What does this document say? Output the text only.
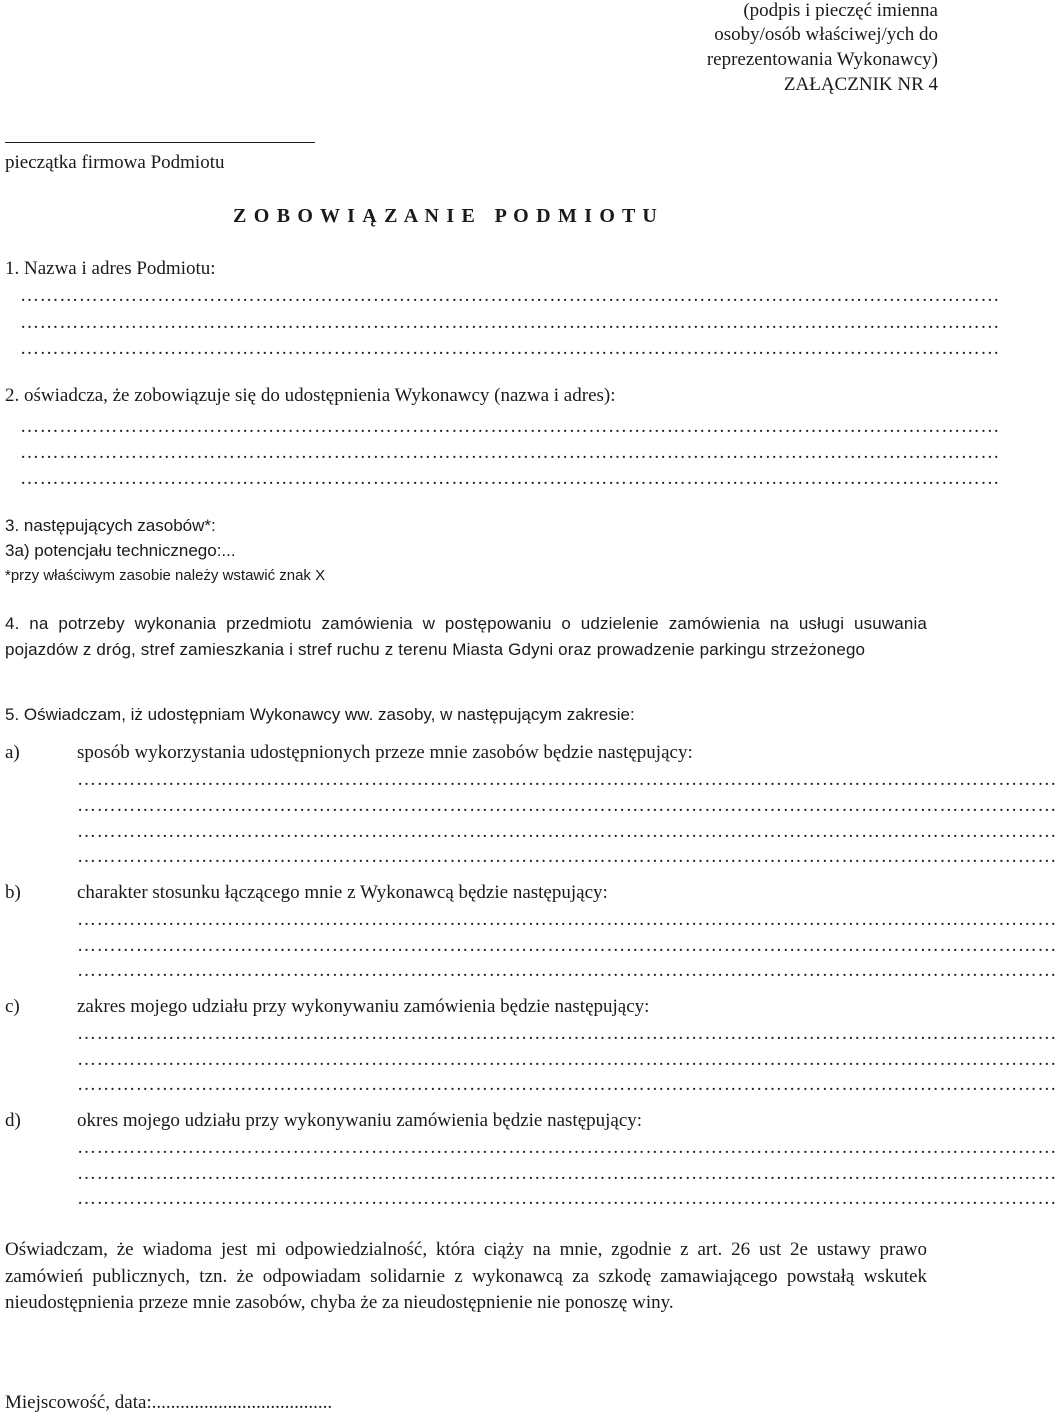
(podpis i pieczęć imienna
osoby/osób właściwej/ych do
reprezentowania Wykonawcy)
ZAŁĄCZNIK NR 4
pieczątka firmowa Podmiotu
Z O B O W I Ą Z A N I E   P O D M I O T U
1. Nazwa i adres Podmiotu:
……………………………………………………………………………………………………………………………………
……………………………………………………………………………………………………………………………………
……………………………………………………………………………………………………………………………………
2. oświadcza, że zobowiązuje się do udostępnienia Wykonawcy (nazwa i adres):
……………………………………………………………………………………………………………………………………
……………………………………………………………………………………………………………………………………
……………………………………………………………………………………………………………………………………
3. następujących zasobów*:
3a) potencjału technicznego:...
*przy właściwym zasobie należy wstawić znak X
4. na potrzeby wykonania przedmiotu zamówienia w postępowaniu o udzielenie zamówienia na usługi usuwania pojazdów z dróg, stref zamieszkania i stref ruchu z terenu Miasta Gdyni oraz prowadzenie parkingu strzeżonego
5. Oświadczam, iż udostępniam Wykonawcy ww. zasoby, w następującym zakresie:
a)	sposób wykorzystania udostępnionych przeze mnie zasobów będzie następujący:
……………………………………………………………………………………………………………………………………
……………………………………………………………………………………………………………………………………
……………………………………………………………………………………………………………………………………
……………………………………………………………………………………………………………………………………
b)	charakter stosunku łączącego mnie z Wykonawcą będzie następujący:
……………………………………………………………………………………………………………………………………
……………………………………………………………………………………………………………………………………
……………………………………………………………………………………………………………………………………
c)	zakres mojego udziału przy wykonywaniu zamówienia będzie następujący:
……………………………………………………………………………………………………………………………………
……………………………………………………………………………………………………………………………………
……………………………………………………………………………………………………………………………………
d)	okres mojego udziału przy wykonywaniu zamówienia będzie następujący:
……………………………………………………………………………………………………………………………………
……………………………………………………………………………………………………………………………………
……………………………………………………………………………………………………………………………………
Oświadczam, że wiadoma jest mi odpowiedzialność, która ciąży na mnie, zgodnie z art. 26 ust 2e ustawy prawo zamówień publicznych, tzn. że odpowiadam solidarnie z wykonawcą za szkodę zamawiającego powstałą wskutek nieudostępnienia przeze mnie zasobów, chyba że za nieudostępnienie nie ponoszę winy.
Miejscowość, data:......................................
